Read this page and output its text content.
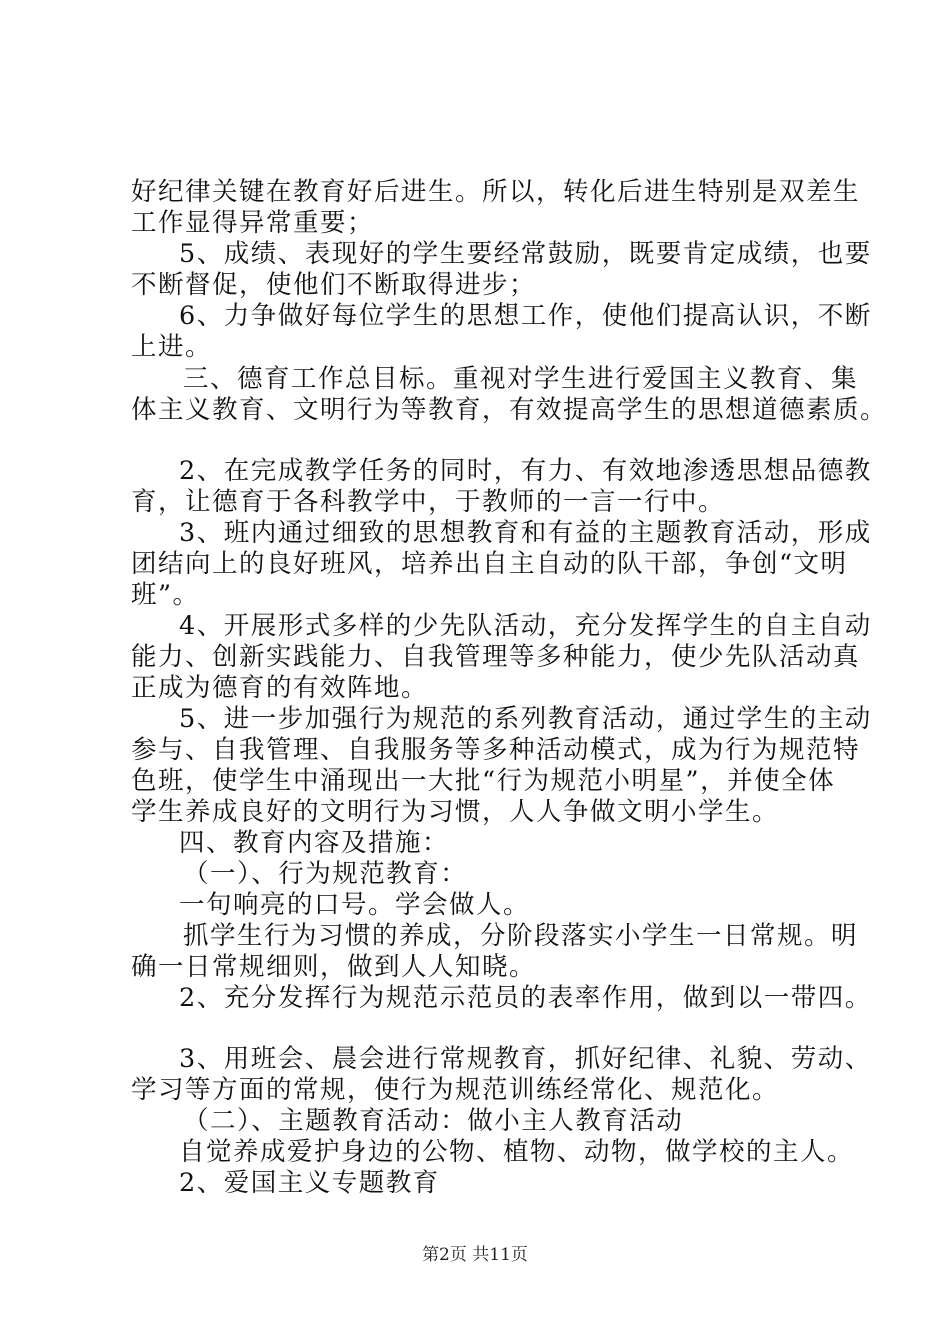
好纪律关键在教育好后进生。所以，转化后进生特别是双差生
工作显得异常重要；
5、成绩、表现好的学生要经常鼓励，既要肯定成绩，也要
不断督促，使他们不断取得进步；
6、力争做好每位学生的思想工作，使他们提高认识，不断
上进。
三、德育工作总目标。重视对学生进行爱国主义教育、集
体主义教育、文明行为等教育，有效提高学生的思想道德素质。
2、在完成教学任务的同时，有力、有效地渗透思想品德教
育，让德育于各科教学中，于教师的一言一行中。
3、班内通过细致的思想教育和有益的主题教育活动，形成
团结向上的良好班风，培养出自主自动的队干部，争创“文明
班”。
4、开展形式多样的少先队活动，充分发挥学生的自主自动
能力、创新实践能力、自我管理等多种能力，使少先队活动真
正成为德育的有效阵地。
5、进一步加强行为规范的系列教育活动，通过学生的主动
参与、自我管理、自我服务等多种活动模式，成为行为规范特
色班，使学生中涌现出一大批“行为规范小明星”，并使全体
学生养成良好的文明行为习惯，人人争做文明小学生。
四、教育内容及措施：
（一）、行为规范教育：
一句响亮的口号。学会做人。
抓学生行为习惯的养成，分阶段落实小学生一日常规。明
确一日常规细则，做到人人知晓。
2、充分发挥行为规范示范员的表率作用，做到以一带四。
3、用班会、晨会进行常规教育，抓好纪律、礼貌、劳动、
学习等方面的常规，使行为规范训练经常化、规范化。
（二）、主题教育活动：做小主人教育活动
自觉养成爱护身边的公物、植物、动物，做学校的主人。
2、爱国主义专题教育
第2页 共11页
